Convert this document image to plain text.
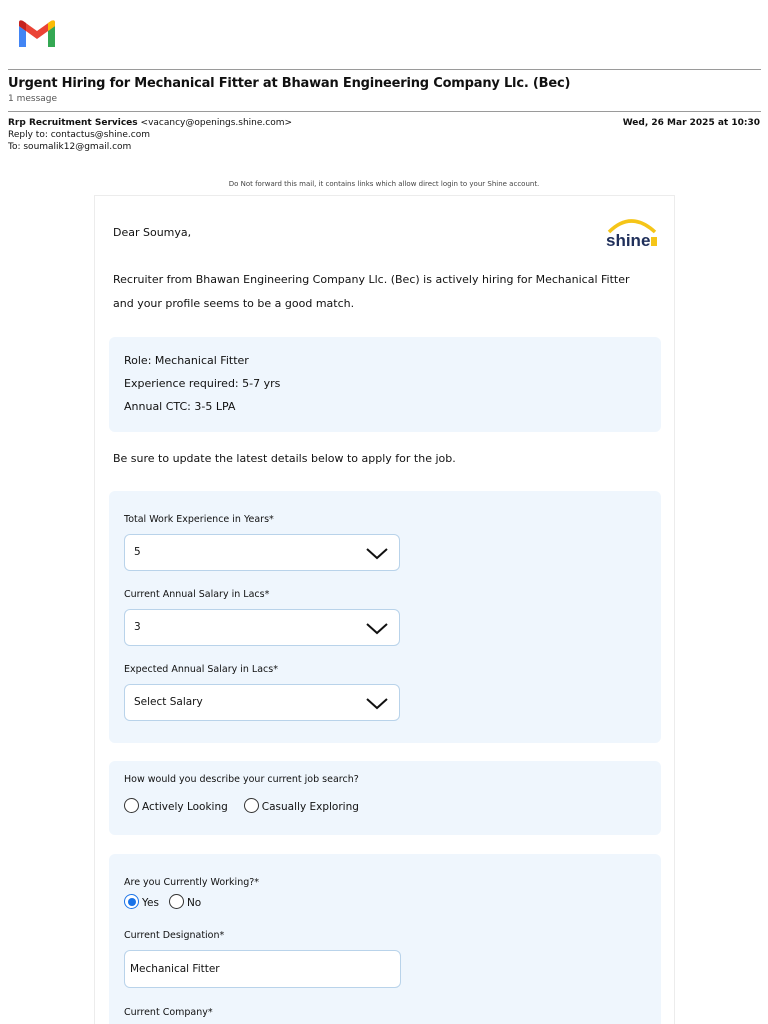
Urgent Hiring for Mechanical Fitter at Bhawan Engineering Company Llc. (Bec)
1 message
Rrp Recruitment Services <vacancy@openings.shine.com>	Wed, 26 Mar 2025 at 10:30
Reply to: contactus@shine.com
To: soumalik12@gmail.com
Do Not forward this mail, it contains links which allow direct login to your Shine account.
Dear Soumya,	shine
Recruiter from Bhawan Engineering Company Llc. (Bec) is actively hiring for Mechanical Fitter and your profile seems to be a good match.
Role: Mechanical Fitter
Experience required: 5-7 yrs
Annual CTC: 3-5 LPA
Be sure to update the latest details below to apply for the job.
Total Work Experience in Years*
5
Current Annual Salary in Lacs*
3
Expected Annual Salary in Lacs*
Select Salary
How would you describe your current job search?
Actively Looking	Casually Exploring
Are you Currently Working?*
Yes	No
Current Designation*
Mechanical Fitter
Current Company*
